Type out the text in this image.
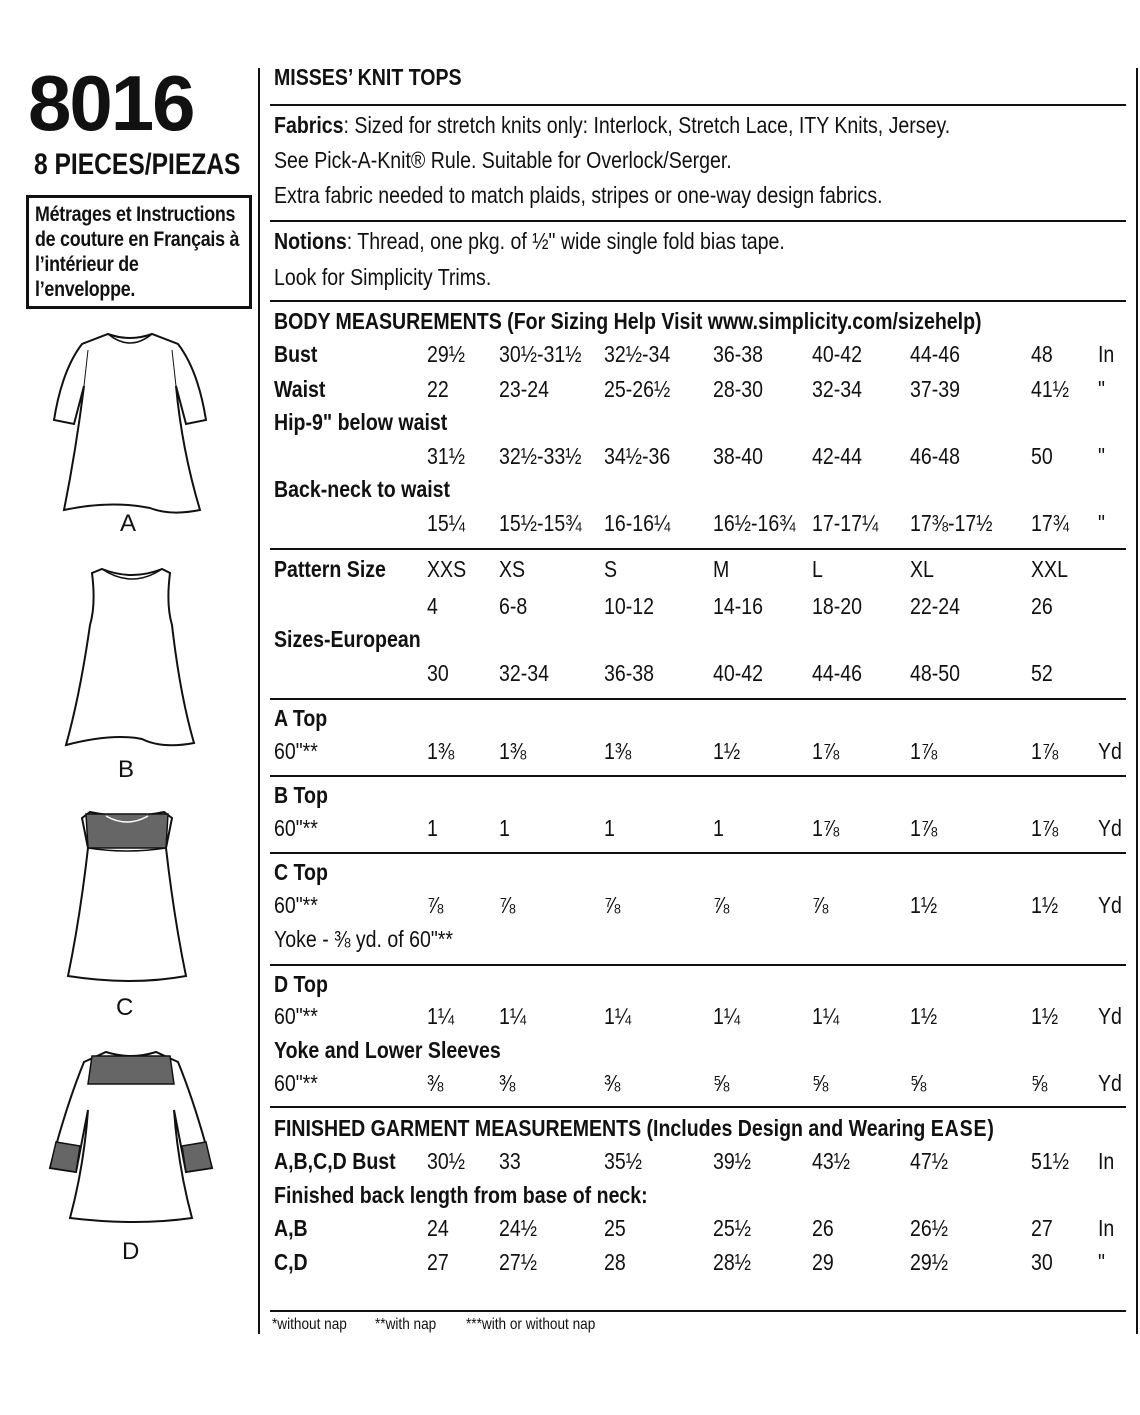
8016
8 PIECES/PIEZAS
Métrages et Instructions
de couture en Français à
l’intérieur de
l’enveloppe.
A
B
C
D
MISSES’ KNIT TOPS
Fabrics: Sized for stretch knits only: Interlock, Stretch Lace, ITY Knits, Jersey.
See Pick-A-Knit® Rule. Suitable for Overlock/Serger.
Extra fabric needed to match plaids, stripes or one-way design fabrics.
Notions: Thread, one pkg. of ½" wide single fold bias tape.
Look for Simplicity Trims.
BODY MEASUREMENTS (For Sizing Help Visit www.simplicity.com/sizehelp)
Bust	29½ 30½-31½ 32½-34 36-38 40-42 44-46	48 In
Waist	22 23-24 25-26½ 28-30 32-34 37-39	41½ "
Hip-9" below waist
31½ 32½-33½ 34½-36 38-40 42-44 46-48	50 "
Back-neck to waist
15¼ 15½-15¾ 16-16¼ 16½-16¾ 17-17¼ 17⅜-17½ 17¾ "
Pattern Size XXS XS	S	M	L	XL	XXL
4	6-8	10-12	14-16 18-20 22-24	26
Sizes-European
30 32-34 36-38	40-42 44-46 48-50	52
A Top
60"**	1⅜ 1⅜	1⅜	1½	1⅞	1⅞	1⅞ Yd
B Top
60"**	1	1	1	1	1⅞	1⅞	1⅞ Yd
C Top
60"**	⅞ ⅞	⅞	⅞	⅞	1½	1½ Yd
Yoke - ⅜ yd. of 60"**
D Top
60"**	1¼ 1¼	1¼	1¼	1¼	1½	1½ Yd
Yoke and Lower Sleeves
60"**	⅜ ⅜	⅜	⅝	⅝	⅝	⅝ Yd
FINISHED GARMENT MEASUREMENTS (Includes Design and Wearing EASE)
A,B,C,D Bust 30½ 33	35½	39½	43½	47½	51½ In
Finished back length from base of neck:
A,B	24 24½	25	25½	26	26½	27 In
C,D	27 27½	28	28½	29	29½	30 "
*without nap **with nap ***with or without nap
